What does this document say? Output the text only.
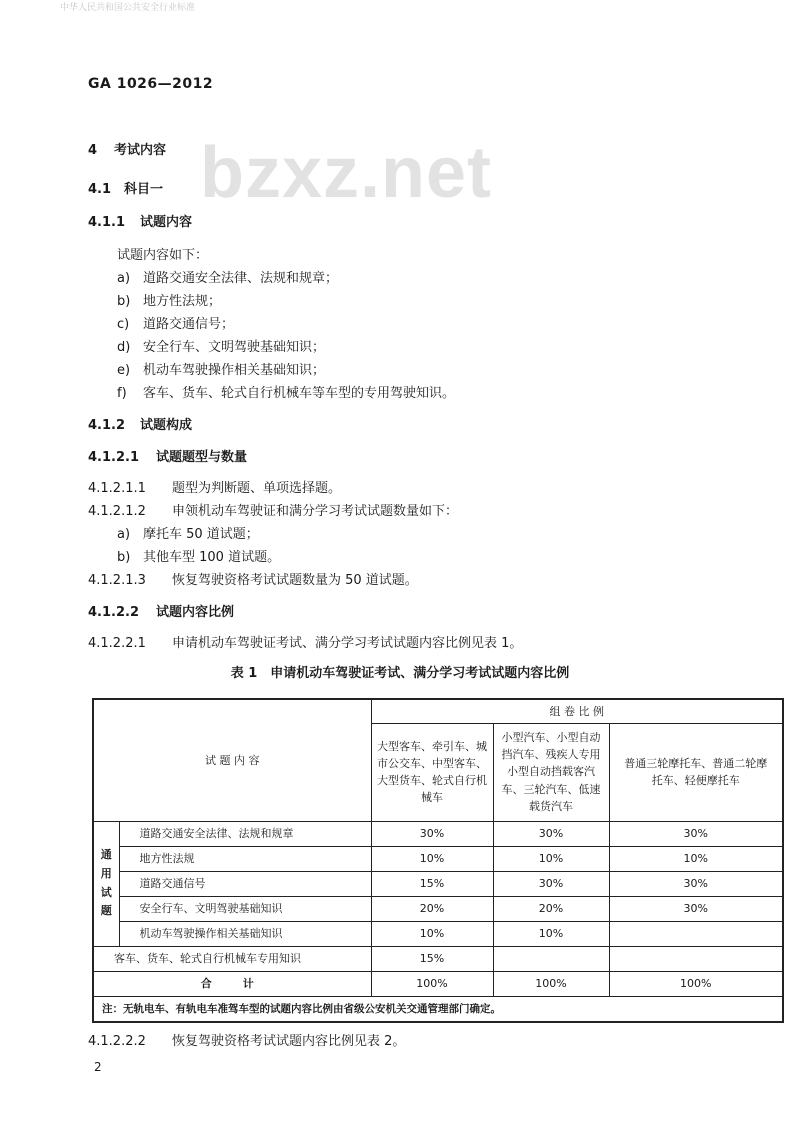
中华人民共和国公共安全行业标准
GA 1026—2012
bzxz.net
4 考试内容
4.1 科目一
4.1.1 试题内容
试题内容如下：
a) 道路交通安全法律、法规和规章；
b) 地方性法规；
c) 道路交通信号；
d) 安全行车、文明驾驶基础知识；
e) 机动车驾驶操作相关基础知识；
f) 客车、货车、轮式自行机械车等车型的专用驾驶知识。
4.1.2 试题构成
4.1.2.1 试题题型与数量
4.1.2.1.1 题型为判断题、单项选择题。
4.1.2.1.2 申领机动车驾驶证和满分学习考试试题数量如下：
a) 摩托车 50 道试题；
b) 其他车型 100 道试题。
4.1.2.1.3 恢复驾驶资格考试试题数量为 50 道试题。
4.1.2.2 试题内容比例
4.1.2.2.1 申请机动车驾驶证考试、满分学习考试试题内容比例见表 1。
表 1　申请机动车驾驶证考试、满分学习考试试题内容比例
试 题 内 容		组 卷 比 例		
		大型客车、牵引车、城市公交车、中型客车、大型货车、轮式自行机械车	小型汽车、小型自动挡汽车、残疾人专用小型自动挡载客汽车、三轮汽车、低速载货汽车	普通三轮摩托车、普通二轮摩托车、轻便摩托车

通
用
试
题	道路交通安全法律、法规和规章	30%	30%	30%
	地方性法规	10%	10%	10%
	道路交通信号	15%	30%	30%
	安全行车、文明驾驶基础知识	20%	20%	30%
	机动车驾驶操作相关基础知识	10%	10%	
客车、货车、轮式自行机械车专用知识		15%		
合　计		100%	100%	100%
注：无轨电车、有轨电车准驾车型的试题内容比例由省级公安机关交通管理部门确定。				
4.1.2.2.2 恢复驾驶资格考试试题内容比例见表 2。
2
